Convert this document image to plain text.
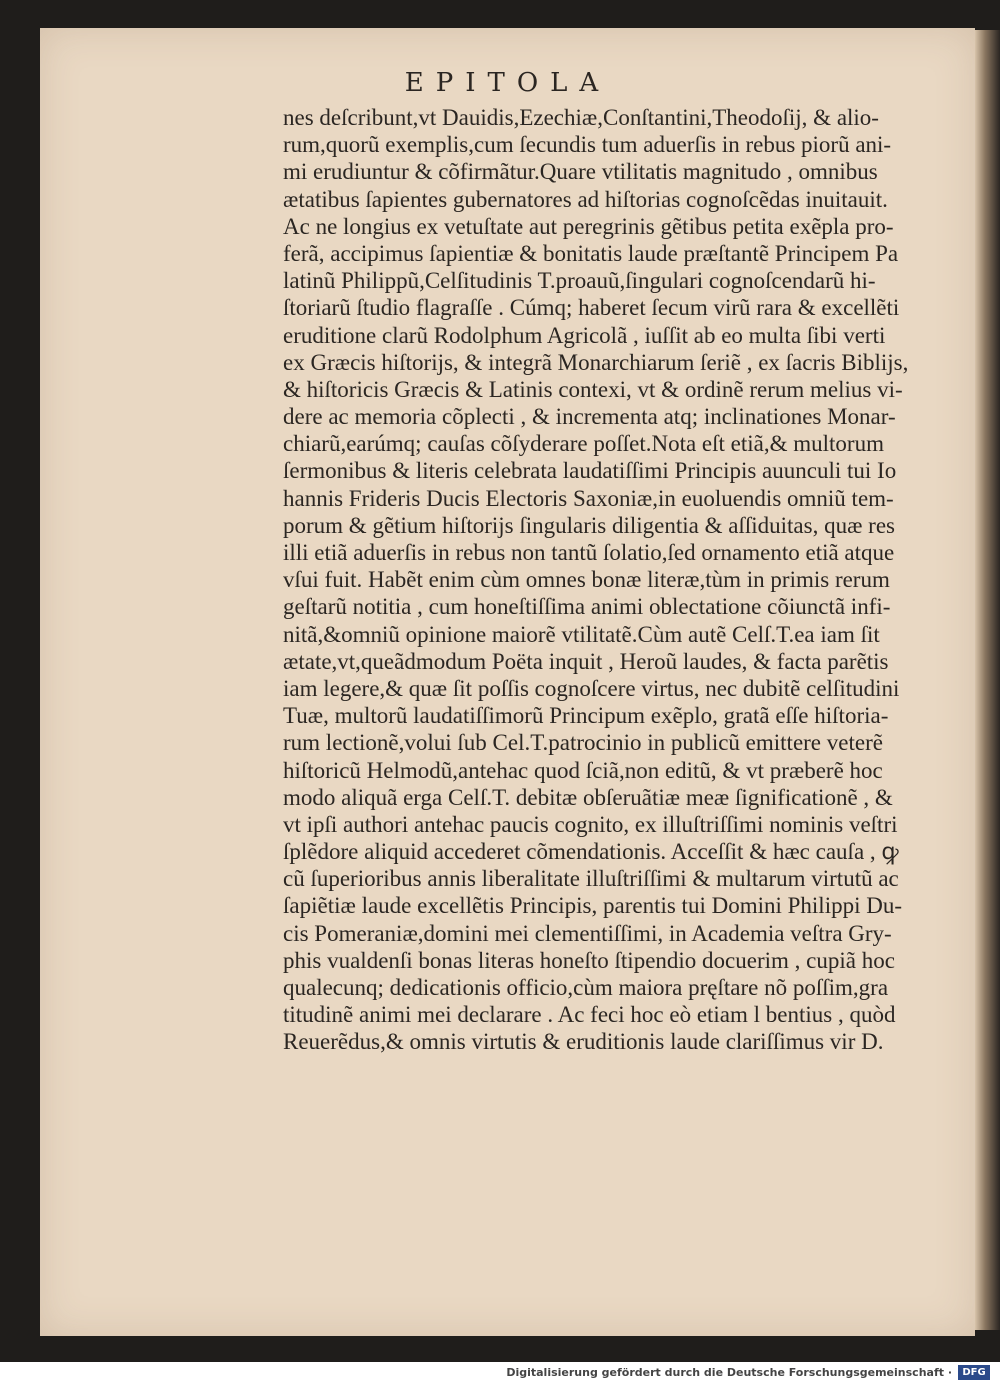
EPITOLA
nes deſcribunt,vt Dauidis,Ezechiæ,Conſtantini,Theodoſij, & alio-
rum,quorũ exemplis,cum ſecundis tum aduerſis in rebus piorũ ani-
mi erudiuntur & cõfirmãtur.Quare vtilitatis magnitudo , omnibus
ætatibus ſapientes gubernatores ad hiſtorias cognoſcẽdas inuitauit.
Ac ne longius ex vetuſtate aut peregrinis gẽtibus petita exẽpla pro-
ferã, accipimus ſapientiæ & bonitatis laude præſtantẽ Principem Pa
latinũ Philippũ,Celſitudinis T.proauũ,ſingulari cognoſcendarũ hi-
ſtoriarũ ſtudio flagraſſe . Cúmq; haberet ſecum virũ rara & excellẽti
eruditione clarũ Rodolphum Agricolã , iuſſit ab eo multa ſibi verti
ex Græcis hiſtorijs, & integrã Monarchiarum ſeriẽ , ex ſacris Biblijs,
& hiſtoricis Græcis & Latinis contexi, vt & ordinẽ rerum melius vi-
dere ac memoria cõplecti , & incrementa atq; inclinationes Monar-
chiarũ,earúmq; cauſas cõſyderare poſſet.Nota eſt etiã,& multorum
ſermonibus & literis celebrata laudatiſſimi Principis auunculi tui Io
hannis Frideris Ducis Electoris Saxoniæ,in euoluendis omniũ tem-
porum & gẽtium hiſtorijs ſingularis diligentia & aſſiduitas, quæ res
illi etiã aduerſis in rebus non tantũ ſolatio,ſed ornamento etiã atque
vſui fuit. Habẽt enim cùm omnes bonæ literæ,tùm in primis rerum
geſtarũ notitia , cum honeſtiſſima animi oblectatione cõiunctã infi-
nitã,&omniũ opinione maiorẽ vtilitatẽ.Cùm autẽ Celſ.T.ea iam ſit
ætate,vt,queãdmodum Poëta inquit , Heroũ laudes, & facta parẽtis
iam legere,& quæ ſit poſſis cognoſcere virtus, nec dubitẽ celſitudini
Tuæ, multorũ laudatiſſimorũ Principum exẽplo, gratã eſſe hiſtoria-
rum lectionẽ,volui ſub Cel.T.patrocinio in publicũ emittere veterẽ
hiſtoricũ Helmodũ,antehac quod ſciã,non editũ, & vt præberẽ hoc
modo aliquã erga Celſ.T. debitæ obſeruãtiæ meæ ſignificationẽ , &
vt ipſi authori antehac paucis cognito, ex illuſtriſſimi nominis veſtri
ſplẽdore aliquid accederet cõmendationis. Acceſſit & hæc cauſa , ꝙ
cũ ſuperioribus annis liberalitate illuſtriſſimi & multarum virtutũ ac
ſapiẽtiæ laude excellẽtis Principis, parentis tui Domini Philippi Du-
cis Pomeraniæ,domini mei clementiſſimi, in Academia veſtra Gry-
phis vualdenſi bonas literas honeſto ſtipendio docuerim , cupiã hoc
qualecunq; dedicationis officio,cùm maiora pręſtare nõ poſſim,gra
titudinẽ animi mei declarare . Ac feci hoc eò etiam l bentius , quòd
Reuerẽdus,& omnis virtutis & eruditionis laude clariſſimus vir D.
Digitalisierung gefördert durch die Deutsche Forschungsgemeinschaft ·	DFG
